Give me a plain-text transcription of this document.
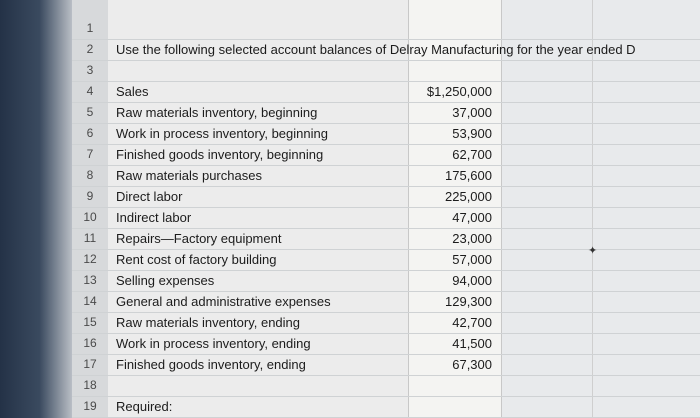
1
2	Use the following selected account balances of Delray Manufacturing for the year ended D
3
4	Sales	$1,250,000
5	Raw materials inventory, beginning	37,000
6	Work in process inventory, beginning	53,900
7	Finished goods inventory, beginning	62,700
8	Raw materials purchases	175,600
9	Direct labor	225,000
10	Indirect labor	47,000
11	Repairs—Factory equipment	23,000
12	Rent cost of factory building	57,000
13	Selling expenses	94,000
14	General and administrative expenses	129,300
15	Raw materials inventory, ending	42,700
16	Work in process inventory, ending	41,500
17	Finished goods inventory, ending	67,300
18
19	Required:
✦
